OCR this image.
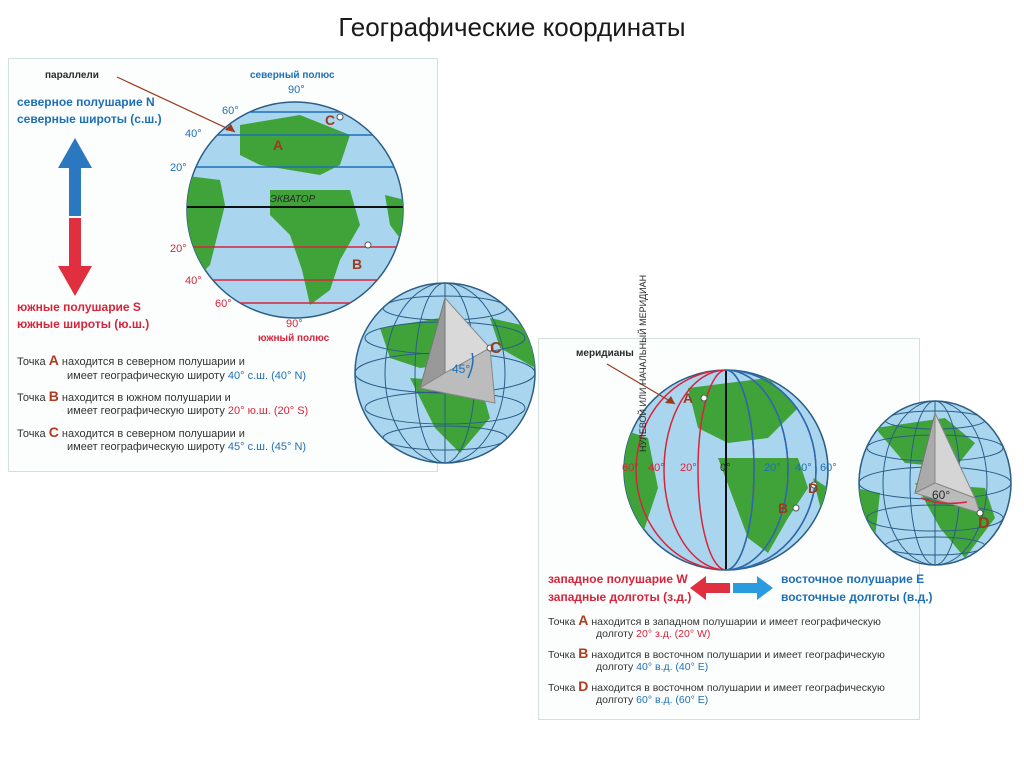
Географические координаты
параллели	северный полюс
90°
северное полушарие N
северные широты (с.ш.)
60°
40°
20°
20°
40°
60°
ЭКВАТОР
A
B
C
90°
южный полюс
южные полушарие S
южные широты (ю.ш.)
Точка A находится в северном полушарии и
имеет географическую широту 40° с.ш. (40° N)
Точка B находится в южном полушарии и
имеет географическую широту 20° ю.ш. (20° S)
Точка C находится в северном полушарии и
имеет географическую широту 45° с.ш. (45° N)
45°
C	меридианы
A
B
D
60° 40° 20° 0°	20° 40° 60°
60°
D
западное полушарие W
западные долготы (з.д.)
восточное полушарие E
восточные долготы (в.д.)
Точка A находится в западном полушарии и имеет географическую
долготу 20° з.д. (20° W)
Точка B находится в восточном полушарии и имеет географическую
долготу 40° в.д. (40° E)
Точка D находится в восточном полушарии и имеет географическую
долготу 60° в.д. (60° E)
